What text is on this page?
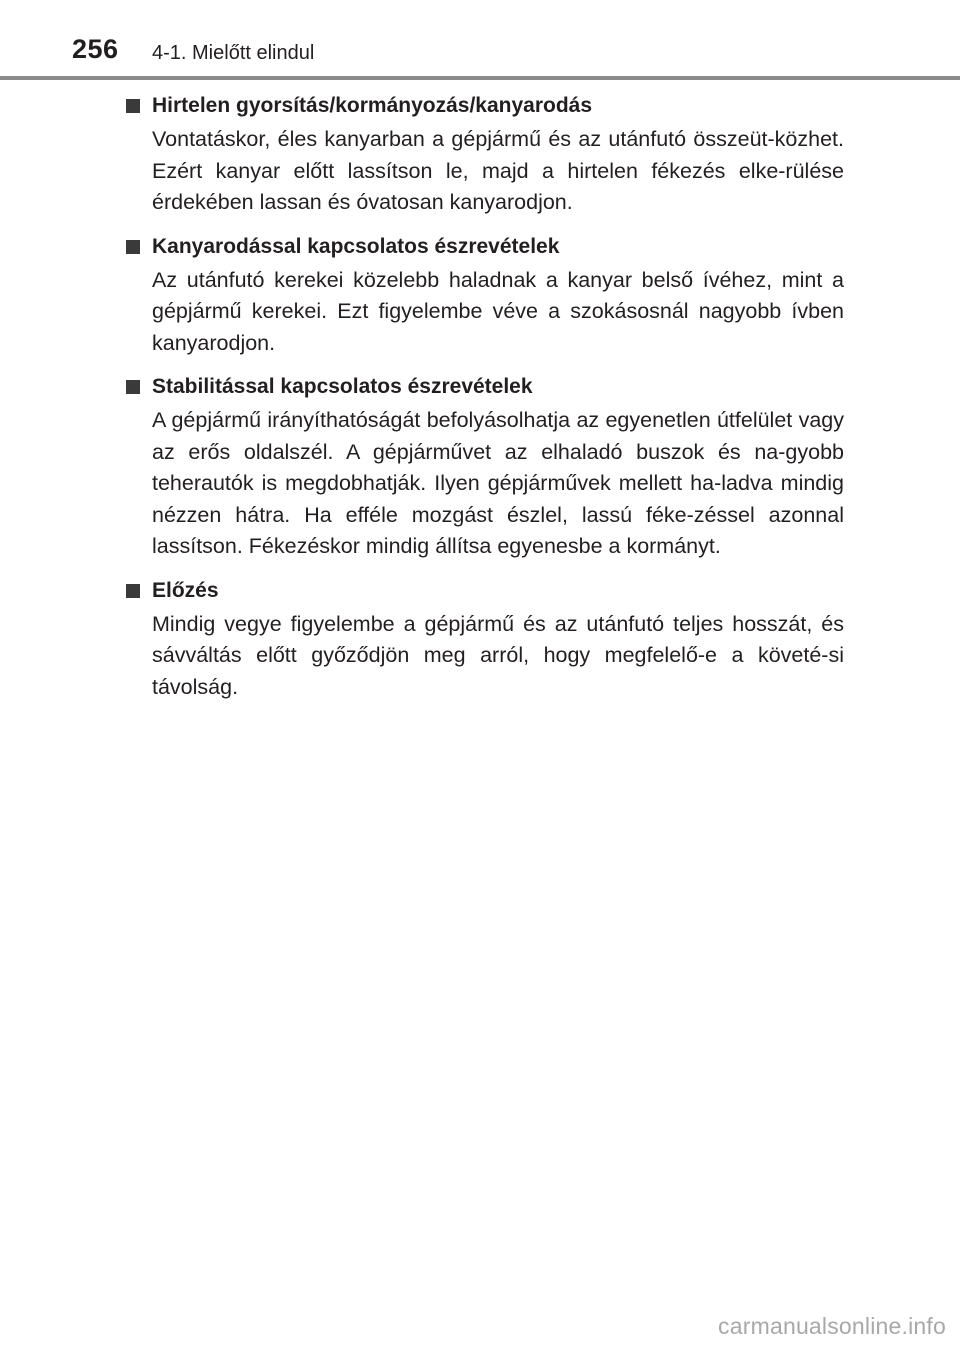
256 4-1. Mielőtt elindul
Hirtelen gyorsítás/kormányozás/kanyarodás

Vontatáskor, éles kanyarban a gépjármű és az utánfutó összeüt-közhet. Ezért kanyar előtt lassítson le, majd a hirtelen fékezés elke-rülése érdekében lassan és óvatosan kanyarodjon.

Kanyarodással kapcsolatos észrevételek

Az utánfutó kerekei közelebb haladnak a kanyar belső ívéhez, mint a gépjármű kerekei. Ezt figyelembe véve a szokásosnál nagyobb ívben kanyarodjon.

Stabilitással kapcsolatos észrevételek

A gépjármű irányíthatóságát befolyásolhatja az egyenetlen útfelület vagy az erős oldalszél. A gépjárművet az elhaladó buszok és na-gyobb teherautók is megdobhatják. Ilyen gépjárművek mellett ha-ladva mindig nézzen hátra. Ha efféle mozgást észlel, lassú féke-zéssel azonnal lassítson. Fékezéskor mindig állítsa egyenesbe a kormányt.

Előzés

Mindig vegye figyelembe a gépjármű és az utánfutó teljes hosszát, és sávváltás előtt győződjön meg arról, hogy megfelelő-e a követé-si távolság.

carmanualsonline.info
